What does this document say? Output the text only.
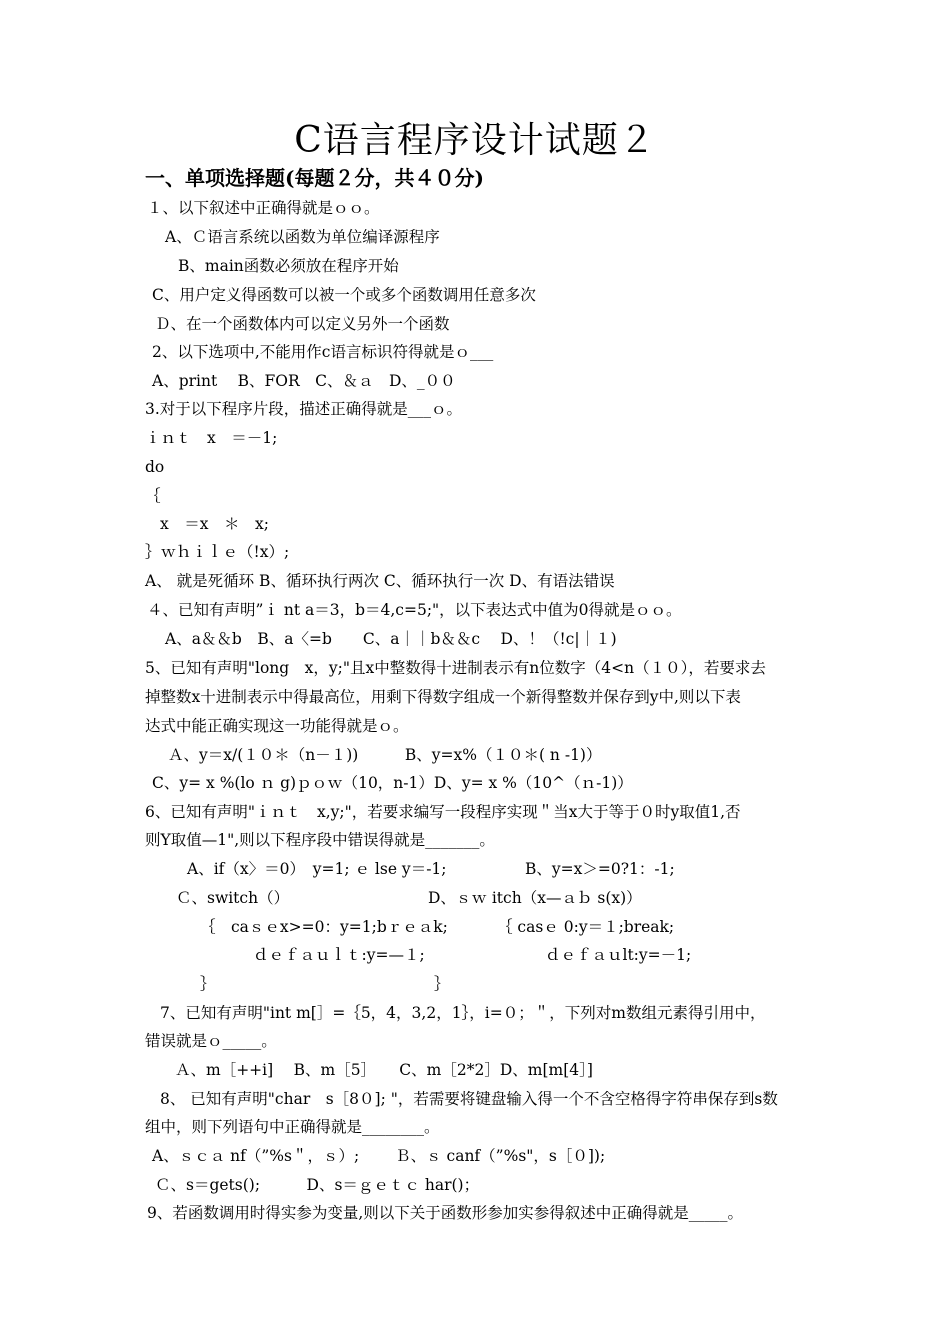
C语言程序设计试题２
一、单项选择题(每题２分，共４０分)
１、以下叙述中正确得就是ｏｏ。
A、Ｃ语言系统以函数为单位编译源程序
B、main函数必须放在程序开始
C、用户定义得函数可以被一个或多个函数调用任意多次
Ｄ、在一个函数体内可以定义另外一个函数
2、以下选项中,不能用作c语言标识符得就是ｏ___
A、print　 B、FOR　C、＆ａ　D、_００
3.对于以下程序片段，描述正确得就是___ｏ。
ｉｎｔ　x　＝－1;
do
｛
x　＝x　＊　x;
｝ｗｈｉｌｅ（!x）;
A、 就是死循环 B、循环执行两次 C、循环执行一次 D、有语法错误
４、已知有声明”ｉ nt a＝3，b＝4,c=5;"，以下表达式中值为0得就是ｏｏ。
A、a＆＆b　B、a〈=b　　C、a｜｜b＆＆c　 D、！（!c|｜１)
5、已知有声明"long　x，y;"且x中整数得十进制表示有n位数字（4<n（１０），若要求去
掉整数x十进制表示中得最高位，用剩下得数字组成一个新得整数并保存到y中,则以下表
达式中能正确实现这一功能得就是ｏ。
Ａ、y＝x/(１０＊（n－１))　　　B、y=x%（１０＊( n -1)）
C、y= x %(lo ｎ g)ｐｏｗ（10，n-1）D、y= x %（10^（ｎ-1)）
6、已知有声明"ｉｎｔ　x,y;"，若要求编写一段程序实现＂当x大于等于０时y取值1,否
则Y取值—1",则以下程序段中错误得就是_______。
A、if（x〉＝0）　y=1; ｅ lse y＝-1;	B、y=x＞=0?1：-1;
Ｃ、switch（）	D、ｓｗ itch（x—ａｂ s(x)）
｛　caｓｅx>=0：y=1;bｒｅａk;	｛ casｅ 0:y＝１;break;
ｄｅｆａｕｌｔ:y=—１;	ｄｅｆａｕlt:y=－1;
｝	｝
7、已知有声明"int m[］=｛5，4，3,2，1｝，i=０；＂，下列对m数组元素得引用中，
错误就是ｏ_____。
Ａ、m［++i]　 B、m［5］　　C、m［2*2］D、m[m[4］]
8、 已知有声明"char　s［8０]; "，若需要将键盘输入得一个不含空格得字符串保存到s数
组中，则下列语句中正确得就是________。
A、ｓｃａ nf（”%s＂，ｓ）;　　 Ｂ、ｓ canf（”%s"，s［０]);
Ｃ、s＝gets();　　　D、s＝ｇｅｔｃ har()；
9、若函数调用时得实参为变量,则以下关于函数形参加实参得叙述中正确得就是_____。
